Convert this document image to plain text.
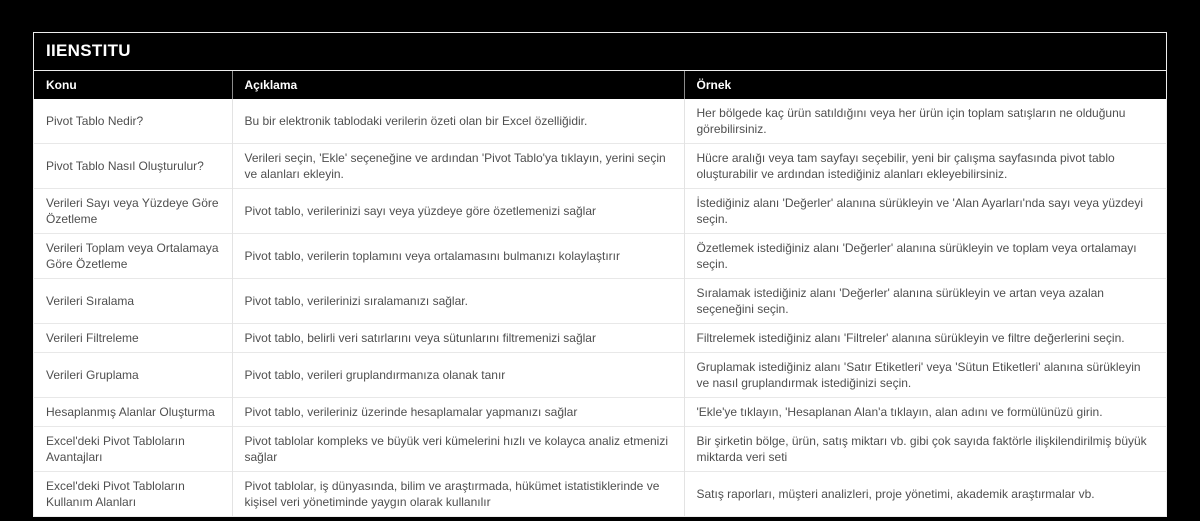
IIENSTITU
Konu	Açıklama	Örnek
Pivot Tablo Nedir?	Bu bir elektronik tablodaki verilerin özeti olan bir Excel özelliğidir.	Her bölgede kaç ürün satıldığını veya her ürün için toplam satışların ne olduğunu görebilirsiniz.
Pivot Tablo Nasıl Oluşturulur?	Verileri seçin, 'Ekle' seçeneğine ve ardından 'Pivot Tablo'ya tıklayın, yerini seçin ve alanları ekleyin.	Hücre aralığı veya tam sayfayı seçebilir, yeni bir çalışma sayfasında pivot tablo oluşturabilir ve ardından istediğiniz alanları ekleyebilirsiniz.
Verileri Sayı veya Yüzdeye Göre Özetleme	Pivot tablo, verilerinizi sayı veya yüzdeye göre özetlemenizi sağlar	İstediğiniz alanı 'Değerler' alanına sürükleyin ve 'Alan Ayarları'nda sayı veya yüzdeyi seçin.
Verileri Toplam veya Ortalamaya Göre Özetleme	Pivot tablo, verilerin toplamını veya ortalamasını bulmanızı kolaylaştırır	Özetlemek istediğiniz alanı 'Değerler' alanına sürükleyin ve toplam veya ortalamayı seçin.
Verileri Sıralama	Pivot tablo, verilerinizi sıralamanızı sağlar.	Sıralamak istediğiniz alanı 'Değerler' alanına sürükleyin ve artan veya azalan seçeneğini seçin.
Verileri Filtreleme	Pivot tablo, belirli veri satırlarını veya sütunlarını filtremenizi sağlar	Filtrelemek istediğiniz alanı 'Filtreler' alanına sürükleyin ve filtre değerlerini seçin.
Verileri Gruplama	Pivot tablo, verileri gruplandırmanıza olanak tanır	Gruplamak istediğiniz alanı 'Satır Etiketleri' veya 'Sütun Etiketleri' alanına sürükleyin ve nasıl gruplandırmak istediğinizi seçin.
Hesaplanmış Alanlar Oluşturma	Pivot tablo, verileriniz üzerinde hesaplamalar yapmanızı sağlar	'Ekle'ye tıklayın, 'Hesaplanan Alan'a tıklayın, alan adını ve formülünüzü girin.
Excel'deki Pivot Tabloların Avantajları	Pivot tablolar kompleks ve büyük veri kümelerini hızlı ve kolayca analiz etmenizi sağlar	Bir şirketin bölge, ürün, satış miktarı vb. gibi çok sayıda faktörle ilişkilendirilmiş büyük miktarda veri seti
Excel'deki Pivot Tabloların Kullanım Alanları	Pivot tablolar, iş dünyasında, bilim ve araştırmada, hükümet istatistiklerinde ve kişisel veri yönetiminde yaygın olarak kullanılır	Satış raporları, müşteri analizleri, proje yönetimi, akademik araştırmalar vb.
